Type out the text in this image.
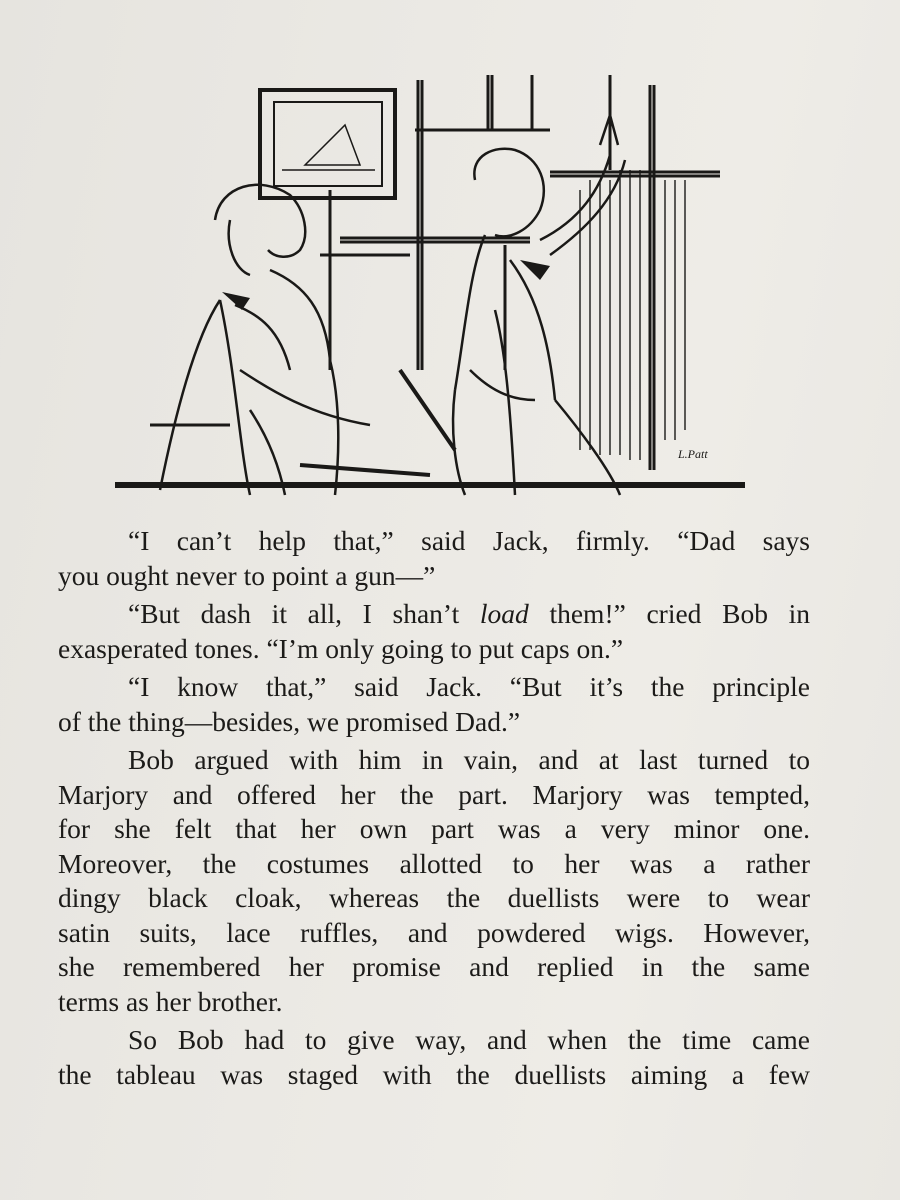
L.Patt
“I can’t help that,” said Jack, firmly. “Dad says
you ought never to point a gun—”
“But dash it all, I shan’t load them!” cried Bob in
exasperated tones. “I’m only going to put caps on.”
“I know that,” said Jack. “But it’s the principle
of the thing—besides, we promised Dad.”
Bob argued with him in vain, and at last turned to
Marjory and offered her the part. Marjory was tempted,
for she felt that her own part was a very minor one.
Moreover, the costumes allotted to her was a rather
dingy black cloak, whereas the duellists were to wear
satin suits, lace ruffles, and powdered wigs. However,
she remembered her promise and replied in the same
terms as her brother.
So Bob had to give way, and when the time came
the tableau was staged with the duellists aiming a few
